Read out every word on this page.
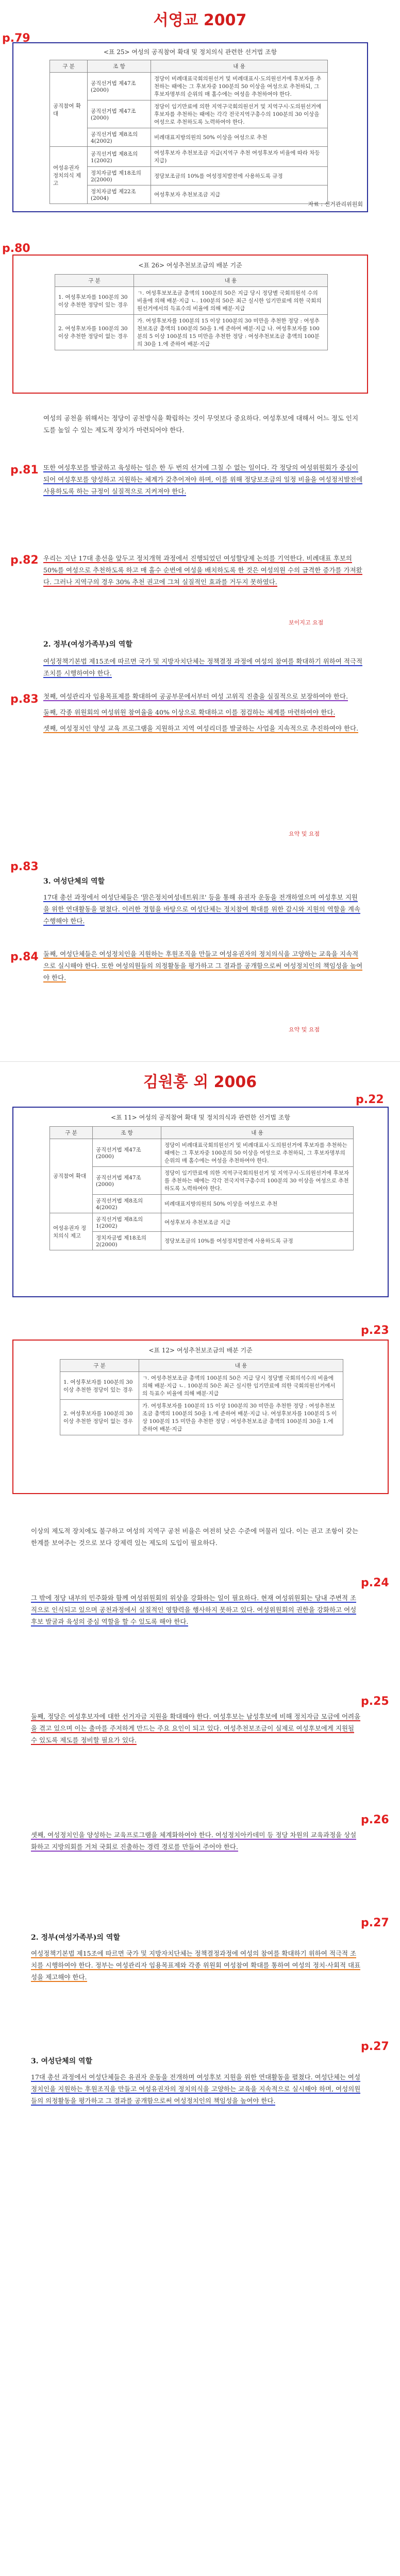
서영교 2007
p.79
<표 25> 여성의 공직참여 확대 및 정치의식 관련한 선거법 조항
구 분	조 항	내 용
공직참여 확대	공직선거법 제47조(2000)	정당이 비례대표국회의원선거 및 비례대표시·도의원선거에 후보자를 추천하는 때에는 그 후보자중 100분의 50 이상을 여성으로 추천하되, 그 후보자명부의 순위의 매 홀수에는 여성을 추천하여야 한다.
	공직선거법 제47조(2000)	정당이 임기만료에 의한 지역구국회의원선거 및 지역구시·도의원선거에 후보자를 추천하는 때에는 각각 전국지역구총수의 100분의 30 이상을 여성으로 추천하도록 노력하여야 한다.
	공직선거법 제8조의4(2002)	비례대표지방의원의 50% 이상을 여성으로 추천
여성유권자 정치의식 제고	공직선거법 제8조의1(2002)	여성후보자 추천보조금 지급(지역구 추천 여성후보자 비율에 따라 차등지급)
	정치자금법 제18조의2(2000)	정당보조금의 10%를 여성정치발전에 사용하도록 규정
	정치자금법 제22조(2004)	여성후보자 추천보조금 지급
자료 : 선거관리위원회
p.80
<표 26> 여성추천보조금의 배분 기준
구 분	내 용
1. 여성후보자를 100분의 30 이상 추천한 정당이 있는 경우	ㄱ. 여성후보보조금 총액의 100분의 50은 지급 당시 정당별 국회의원석 수의 비율에 의해 배분·지급 ㄴ. 100분의 50은 최근 실시한 임기만료에 의한 국회의원선거에서의 득표수의 비율에 의해 배분·지급
2. 여성후보자를 100분의 30 이상 추천한 정당이 없는 경우	가. 여성후보자를 100분의 15 이상 100분의 30 미만을 추천한 정당 : 여성추천보조금 총액의 100분의 50을 1.에 준하여 배분·지급 나. 여성후보자를 100분의 5 이상 100분의 15 미만을 추천한 정당 : 여성추천보조금 총액의 100분의 30을 1.에 준하여 배분·지급

여성의 공천을 위해서는 정당이 공천방식을 확립하는 것이 무엇보다 중요하다. 여성후보에 대해서 어느 정도 인지도를 높일 수 있는 제도적 장치가 마련되어야 한다.

p.81 또한 여성후보를 발굴하고 육성하는 일은 한 두 번의 선거에 그칠 수 없는 일이다. 각 정당의 여성위원회가 중심이 되어 여성후보를 양성하고 지원하는 체계가 갖추어져야 하며, 이를 위해 정당보조금의 일정 비율을 여성정치발전에 사용하도록 하는 규정이 실질적으로 지켜져야 한다.

p.82 우리는 지난 17대 총선을 앞두고 정치개혁 과정에서 진행되었던 여성할당제 논의를 기억한다. 비례대표 후보의 50%를 여성으로 추천하도록 하고 매 홀수 순번에 여성을 배치하도록 한 것은 여성의원 수의 급격한 증가를 가져왔다. 그러나 지역구의 경우 30% 추천 권고에 그쳐 실질적인 효과를 거두지 못하였다.

보이지고 요점
2. 정부(여성가족부)의 역할

여성정책기본법 제15조에 따르면 국가 및 지방자치단체는 정책결정 과정에 여성의 참여를 확대하기 위하여 적극적 조치를 시행하여야 한다.

p.83 첫째, 여성관리자 임용목표제를 확대하여 공공부문에서부터 여성 고위직 진출을 실질적으로 보장하여야 한다.

둘째, 각종 위원회의 여성위원 참여율을 40% 이상으로 확대하고 이를 점검하는 체계를 마련하여야 한다.

셋째, 여성정치인 양성 교육 프로그램을 지원하고 지역 여성리더를 발굴하는 사업을 지속적으로 추진하여야 한다.

요약 및 요점
p.83
3. 여성단체의 역할

17대 총선 과정에서 여성단체들은 '맑은정치여성네트워크' 등을 통해 유권자 운동을 전개하였으며 여성후보 지원을 위한 연대활동을 펼쳤다. 이러한 경험을 바탕으로 여성단체는 정치참여 확대를 위한 감시와 지원의 역할을 계속 수행해야 한다.

p.84 둘째, 여성단체들은 여성정치인을 지원하는 후원조직을 만들고 여성유권자의 정치의식을 고양하는 교육을 지속적으로 실시해야 한다. 또한 여성의원들의 의정활동을 평가하고 그 결과를 공개함으로써 여성정치인의 책임성을 높여야 한다.

요약 및 요점
김원홍 외 2006
p.22
<표 11> 여성의 공직참여 확대 및 정치의식과 관련한 선거법 조항
구 분	조 항	내 용
공직참여 확대	공직선거법 제47조(2000)	정당이 비례대표국회의원선거 및 비례대표시·도의원선거에 후보자를 추천하는 때에는 그 후보자중 100분의 50 이상을 여성으로 추천하되, 그 후보자명부의 순위의 매 홀수에는 여성을 추천하여야 한다.
	공직선거법 제47조(2000)	정당이 임기만료에 의한 지역구국회의원선거 및 지역구시·도의원선거에 후보자를 추천하는 때에는 각각 전국지역구총수의 100분의 30 이상을 여성으로 추천하도록 노력하여야 한다.
	공직선거법 제8조의4(2002)	비례대표지방의원의 50% 이상을 여성으로 추천
여성유권자 정치의식 제고	공직선거법 제8조의1(2002)	여성후보자 추천보조금 지급
	정치자금법 제18조의2(2000)	정당보조금의 10%를 여성정치발전에 사용하도록 규정
p.23
<표 12> 여성추천보조금의 배분 기준
구 분	내 용
1. 여성후보자를 100분의 30 이상 추천한 정당이 있는 경우	ㄱ. 여성추천보조금 총액의 100분의 50은 지급 당시 정당별 국회의석수의 비율에 의해 배분·지급 ㄴ. 100분의 50은 최근 실시한 임기만료에 의한 국회의원선거에서의 득표수 비율에 의해 배분·지급
2. 여성후보자를 100분의 30 이상 추천한 정당이 없는 경우	가. 여성후보자를 100분의 15 이상 100분의 30 미만을 추천한 정당 : 여성추천보조금 총액의 100분의 50을 1.에 준하여 배분·지급 나. 여성후보자를 100분의 5 이상 100분의 15 미만을 추천한 정당 : 여성추천보조금 총액의 100분의 30을 1.에 준하여 배분·지급

이상의 제도적 장치에도 불구하고 여성의 지역구 공천 비율은 여전히 낮은 수준에 머물러 있다. 이는 권고 조항이 갖는 한계를 보여주는 것으로 보다 강제력 있는 제도의 도입이 필요하다.

p.24

그 밖에 정당 내부의 민주화와 함께 여성위원회의 위상을 강화하는 일이 필요하다. 현재 여성위원회는 당내 주변적 조직으로 인식되고 있으며 공천과정에서 실질적인 영향력을 행사하지 못하고 있다. 여성위원회의 권한을 강화하고 여성후보 발굴과 육성의 중심 역할을 할 수 있도록 해야 한다.

p.25

둘째, 정당은 여성후보자에 대한 선거자금 지원을 확대해야 한다. 여성후보는 남성후보에 비해 정치자금 모금에 어려움을 겪고 있으며 이는 출마를 주저하게 만드는 주요 요인이 되고 있다. 여성추천보조금이 실제로 여성후보에게 지원될 수 있도록 제도를 정비할 필요가 있다.

p.26

셋째, 여성정치인을 양성하는 교육프로그램을 체계화하여야 한다. 여성정치아카데미 등 정당 차원의 교육과정을 상설화하고 지방의회를 거쳐 국회로 진출하는 경력 경로를 만들어 주어야 한다.

p.27
2. 정부(여성가족부)의 역할

여성정책기본법 제15조에 따르면 국가 및 지방자치단체는 정책결정과정에 여성의 참여를 확대하기 위하여 적극적 조치를 시행하여야 한다. 정부는 여성관리자 임용목표제와 각종 위원회 여성참여 확대를 통하여 여성의 정치·사회적 대표성을 제고해야 한다.

p.27
3. 여성단체의 역할

17대 총선 과정에서 여성단체들은 유권자 운동을 전개하며 여성후보 지원을 위한 연대활동을 펼쳤다. 여성단체는 여성정치인을 지원하는 후원조직을 만들고 여성유권자의 정치의식을 고양하는 교육을 지속적으로 실시해야 하며, 여성의원들의 의정활동을 평가하고 그 결과를 공개함으로써 여성정치인의 책임성을 높여야 한다.
